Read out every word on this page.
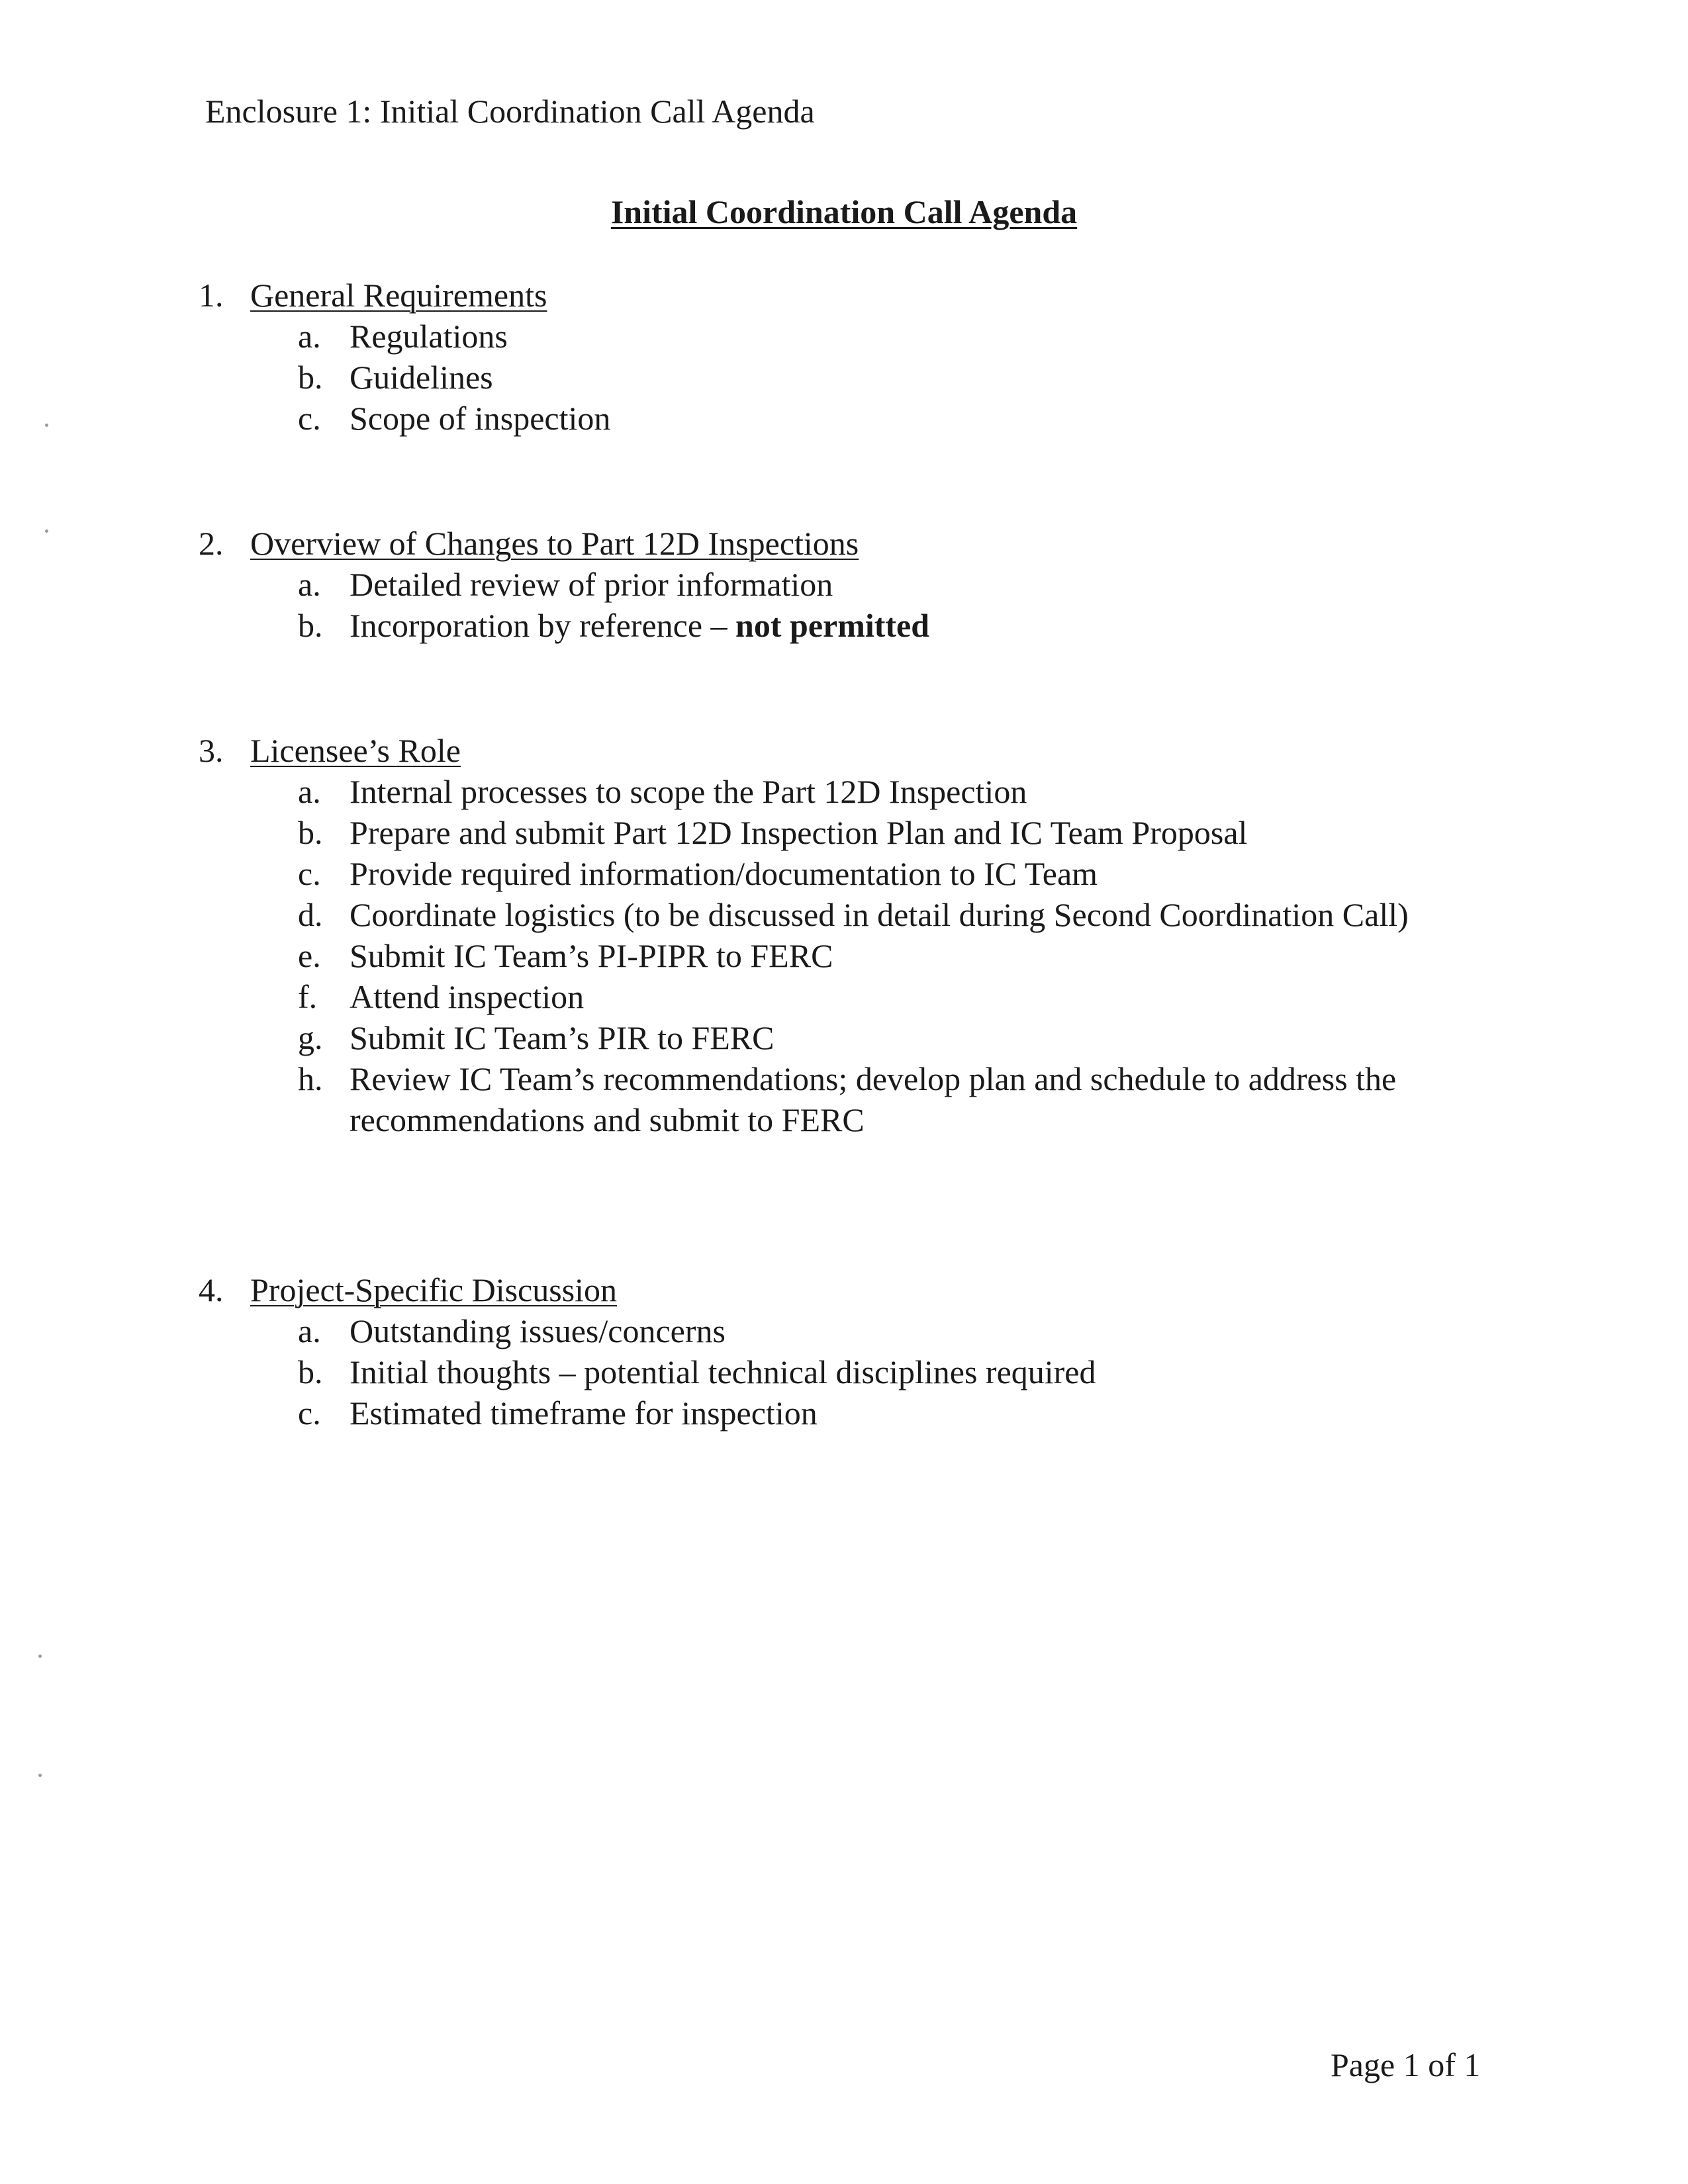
Enclosure 1: Initial Coordination Call Agenda
Initial Coordination Call Agenda
1. General Requirements
a. Regulations
b. Guidelines
c. Scope of inspection
2. Overview of Changes to Part 12D Inspections
a. Detailed review of prior information
b. Incorporation by reference – not permitted
3. Licensee’s Role
a. Internal processes to scope the Part 12D Inspection
b. Prepare and submit Part 12D Inspection Plan and IC Team Proposal
c. Provide required information/documentation to IC Team
d. Coordinate logistics (to be discussed in detail during Second Coordination Call)
e. Submit IC Team’s PI-PIPR to FERC
f. Attend inspection
g. Submit IC Team’s PIR to FERC
h. Review IC Team’s recommendations; develop plan and schedule to address the recommendations and submit to FERC
4. Project-Specific Discussion
a. Outstanding issues/concerns
b. Initial thoughts – potential technical disciplines required
c. Estimated timeframe for inspection
Page 1 of 1
